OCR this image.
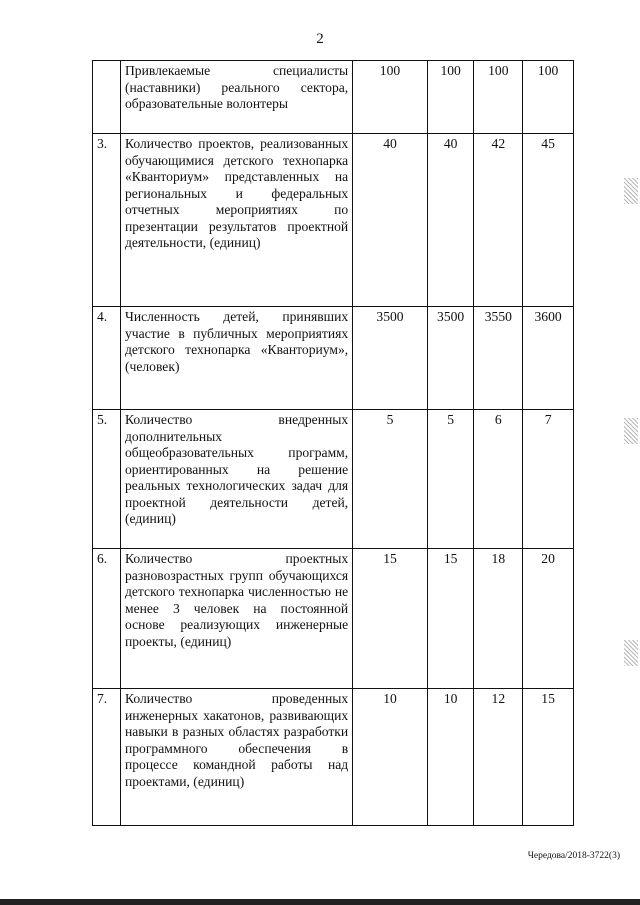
2
	Привлекаемые специалисты (наставники) реального сектора, образовательные волонтеры	100	100	100	100
3.	Количество проектов, реализованных обучающимися детского технопарка «Кванториум» представленных на региональных и федеральных отчетных мероприятиях по презентации результатов проектной деятельности, (единиц)	40	40	42	45
4.	Численность детей, принявших участие в публичных мероприятиях детского технопарка «Кванториум», (человек)	3500	3500	3550	3600
5.	Количество внедренных дополнительных общеобразовательных программ, ориентированных на решение реальных технологических задач для проектной деятельности детей, (единиц)	5	5	6	7
6.	Количество проектных разновозрастных групп обучающихся детского технопарка численностью не менее 3 человек на постоянной основе реализующих инженерные проекты, (единиц)	15	15	18	20
7.	Количество проведенных инженерных хакатонов, развивающих навыки в разных областях разработки программного обеспечения в процессе командной работы над проектами, (единиц)	10	10	12	15
Чередова/2018-3722(3)
